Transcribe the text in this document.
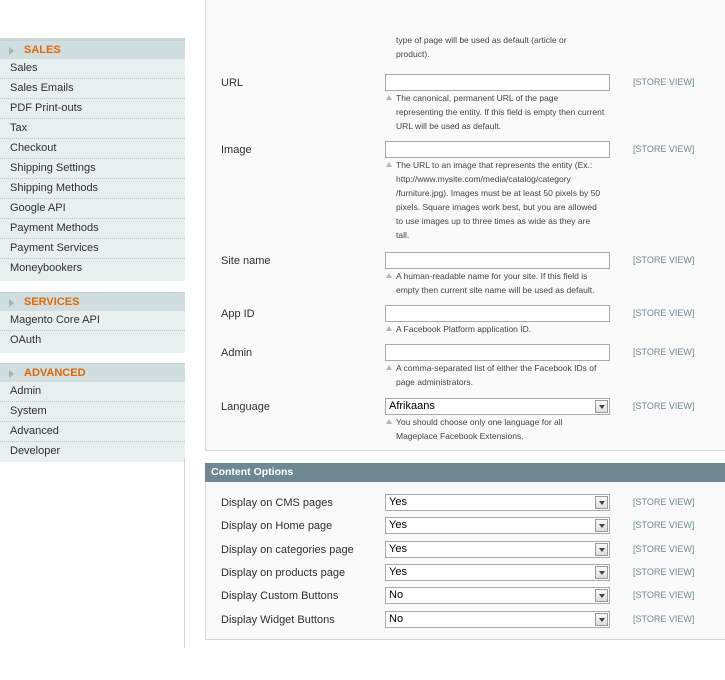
SALES
Sales
Sales Emails
PDF Print-outs
Tax
Checkout
Shipping Settings
Shipping Methods
Google API
Payment Methods
Payment Services
Moneybookers
SERVICES
Magento Core API
OAuth
ADVANCED
Admin
System
Advanced
Developer
type of page will be used as default (article or
product).
URL	[STORE VIEW]
The canonical, permanent URL of the page
representing the entity. If this field is empty then current
URL will be used as default.
Image	[STORE VIEW]
The URL to an image that represents the entity (Ex.:
http://www.mysite.com/media/catalog/category
/furniture.jpg). Images must be at least 50 pixels by 50
pixels. Square images work best, but you are allowed
to use images up to three times as wide as they are
tall.
Site name	[STORE VIEW]
A human-readable name for your site. If this field is
empty then current site name will be used as default.
App ID	[STORE VIEW]
A Facebook Platform application ID.
Admin	[STORE VIEW]
A comma-separated list of either the Facebook IDs of
page administrators.
Language	Afrikaans	[STORE VIEW]
You should choose only one language for all
Mageplace Facebook Extensions.
Content Options
Display on CMS pages	Yes	[STORE VIEW]
Display on Home page	Yes	[STORE VIEW]
Display on categories page	Yes	[STORE VIEW]
Display on products page	Yes	[STORE VIEW]
Display Custom Buttons	No	[STORE VIEW]
Display Widget Buttons	No	[STORE VIEW]
